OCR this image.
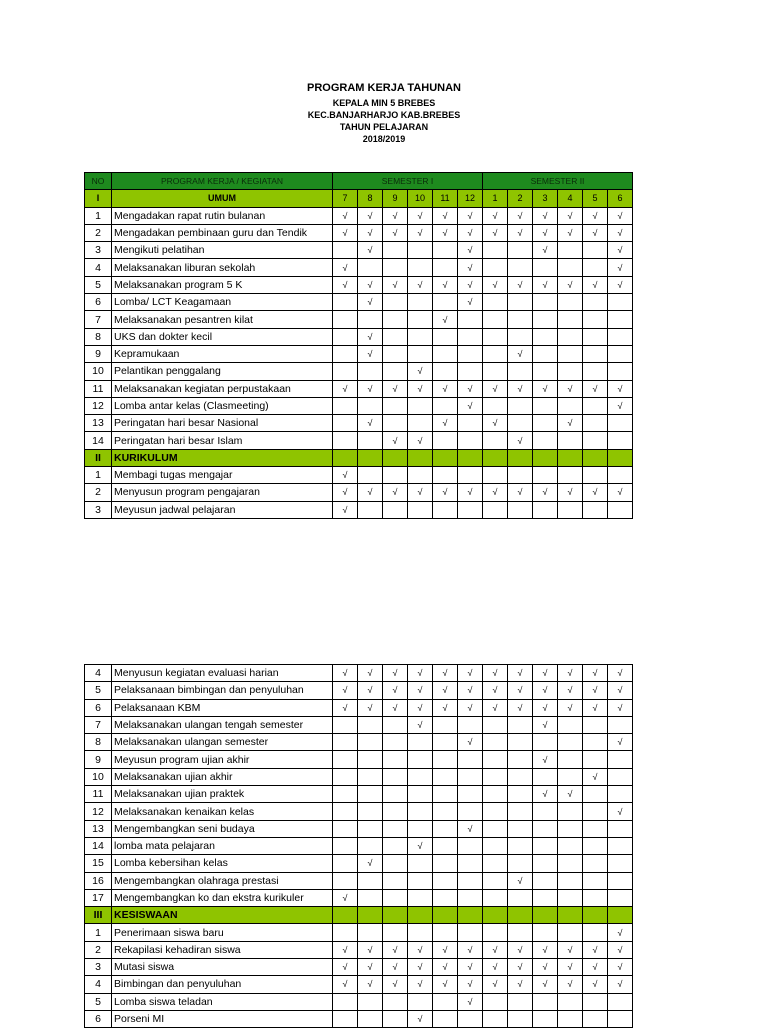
PROGRAM KERJA TAHUNAN
KEPALA MIN 5 BREBES
KEC.BANJARHARJO KAB.BREBES
TAHUN PELAJARAN
2018/2019
NO	PROGRAM KERJA / KEGIATAN	SEMESTER I						SEMESTER II					
I	UMUM	7	8	9	10	11	12	1	2	3	4	5	6
1	Mengadakan rapat rutin bulanan	√	√	√	√	√	√	√	√	√	√	√	√
2	Mengadakan pembinaan guru dan Tendik	√	√	√	√	√	√	√	√	√	√	√	√
3	Mengikuti pelatihan		√				√			√			√
4	Melaksanakan liburan sekolah	√					√						√
5	Melaksanakan program 5 K	√	√	√	√	√	√	√	√	√	√	√	√
6	Lomba/ LCT Keagamaan		√				√						
7	Melaksanakan pesantren kilat					√							
8	UKS dan dokter kecil		√										
9	Kepramukaan		√						√				
10	Pelantikan penggalang				√								
11	Melaksanakan kegiatan perpustakaan	√	√	√	√	√	√	√	√	√	√	√	√
12	Lomba antar kelas (Clasmeeting)						√						√
13	Peringatan hari besar Nasional		√			√		√			√		
14	Peringatan hari besar Islam			√	√				√				
II	KURIKULUM												
1	Membagi tugas mengajar	√											
2	Menyusun program pengajaran	√	√	√	√	√	√	√	√	√	√	√	√
3	Meyusun jadwal pelajaran	√											
4	Menyusun kegiatan evaluasi harian	√	√	√	√	√	√	√	√	√	√	√	√
5	Pelaksanaan bimbingan dan penyuluhan	√	√	√	√	√	√	√	√	√	√	√	√
6	Pelaksanaan KBM	√	√	√	√	√	√	√	√	√	√	√	√
7	Melaksanakan ulangan tengah semester				√					√			
8	Melaksanakan ulangan semester						√						√
9	Meyusun program ujian akhir									√			
10	Melaksanakan ujian akhir											√	
11	Melaksanakan ujian praktek									√	√		
12	Melaksanakan kenaikan kelas												√
13	Mengembangkan seni budaya						√						
14	lomba mata pelajaran				√								
15	Lomba kebersihan kelas		√										
16	Mengembangkan olahraga prestasi								√				
17	Mengembangkan ko dan ekstra kurikuler	√											
III	KESISWAAN												
1	Penerimaan siswa baru												√
2	Rekapilasi kehadiran siswa	√	√	√	√	√	√	√	√	√	√	√	√
3	Mutasi siswa	√	√	√	√	√	√	√	√	√	√	√	√
4	Bimbingan dan penyuluhan	√	√	√	√	√	√	√	√	√	√	√	√
5	Lomba siswa teladan						√						
6	Porseni MI				√								
